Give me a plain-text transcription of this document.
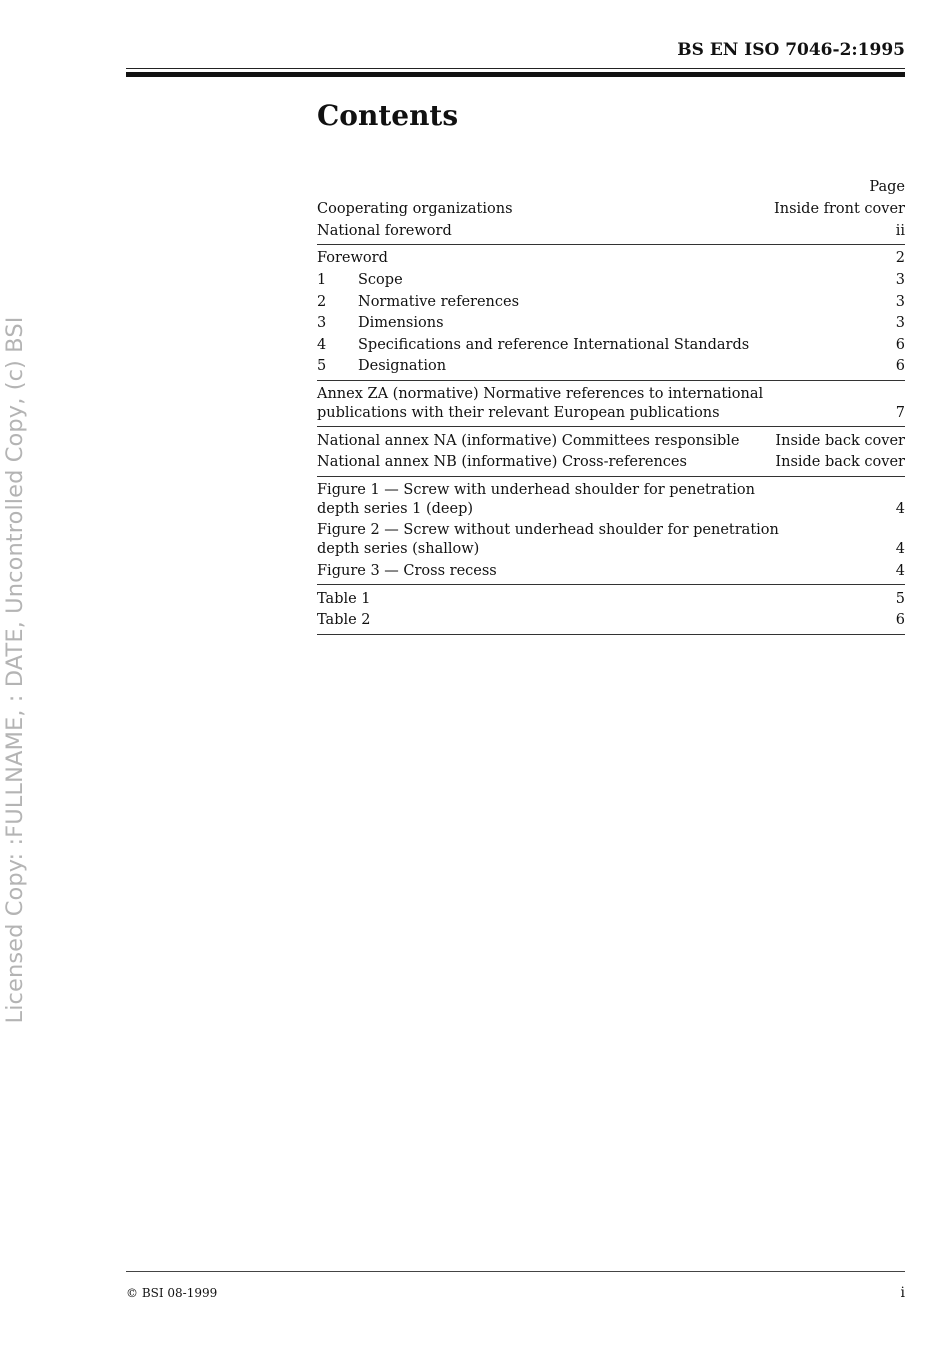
Licensed Copy: :FULLNAME, : DATE, Uncontrolled Copy, (c) BSI
BS EN ISO 7046-2:1995
Contents
Page
Cooperating organizations	Inside front cover
National foreword	ii
Foreword	2
1	Scope	3
2	Normative references	3
3	Dimensions	3
4	Specifications and reference International Standards	6
5	Designation	6
Annex ZA (normative) Normative references to international publications with their relevant European publications	7
National annex NA (informative) Committees responsible	Inside back cover
National annex NB (informative) Cross-references	Inside back cover
Figure 1 — Screw with underhead shoulder for penetration depth series 1 (deep)	4
Figure 2 — Screw without underhead shoulder for penetration depth series (shallow)	4
Figure 3 — Cross recess	4
Table 1	5
Table 2	6
© BSI 08-1999	i
